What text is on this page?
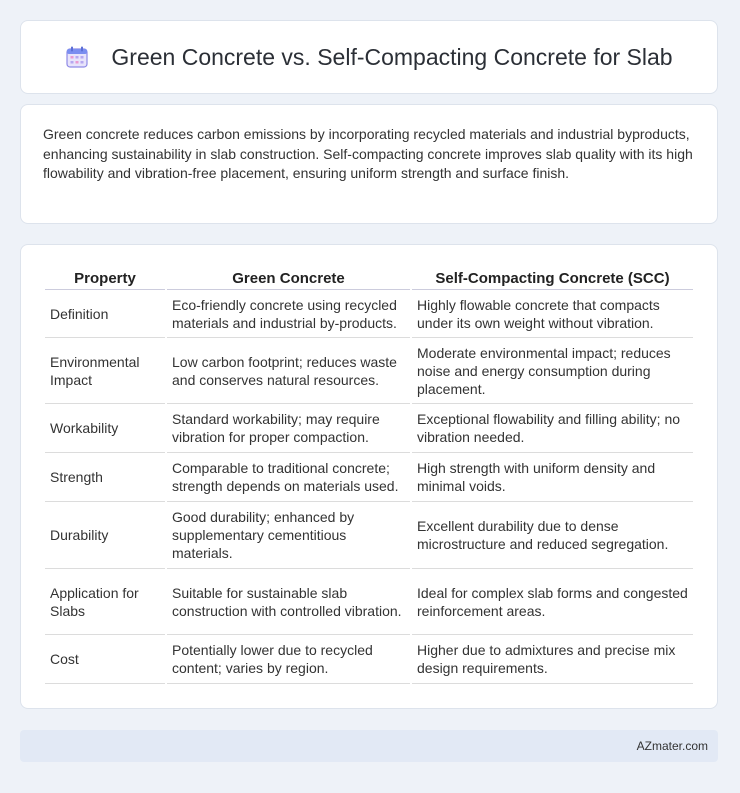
Green Concrete vs. Self-Compacting Concrete for Slab

Green concrete reduces carbon emissions by incorporating recycled materials and industrial byproducts, enhancing sustainability in slab construction. Self-compacting concrete improves slab quality with its high flowability and vibration-free placement, ensuring uniform strength and surface finish.

Property	Green Concrete	Self-Compacting Concrete (SCC)
Definition	Eco-friendly concrete using recycled materials and industrial by-products.	Highly flowable concrete that compacts under its own weight without vibration.
Environmental Impact	Low carbon footprint; reduces waste and conserves natural resources.	Moderate environmental impact; reduces noise and energy consumption during placement.
Workability	Standard workability; may require vibration for proper compaction.	Exceptional flowability and filling ability; no vibration needed.
Strength	Comparable to traditional concrete; strength depends on materials used.	High strength with uniform density and minimal voids.
Durability	Good durability; enhanced by supplementary cementitious materials.	Excellent durability due to dense microstructure and reduced segregation.
Application for Slabs	Suitable for sustainable slab construction with controlled vibration.	Ideal for complex slab forms and congested reinforcement areas.
Cost	Potentially lower due to recycled content; varies by region.	Higher due to admixtures and precise mix design requirements.
AZmater.com
